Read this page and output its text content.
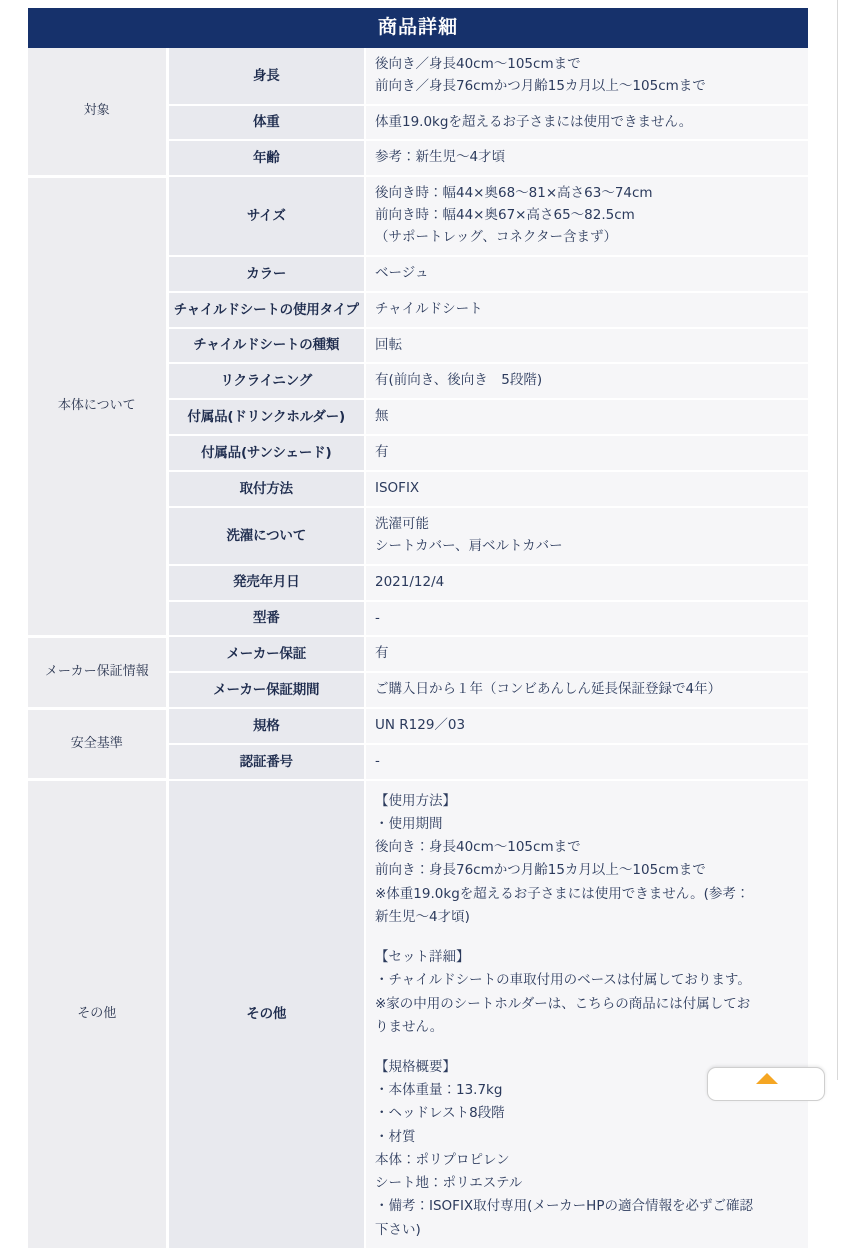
商品詳細
対象	身長	後向き／身長40cm〜105cmまで
前向き／身長76cmかつ月齢15カ月以上〜105cmまで

	体重	体重19.0kgを超えるお子さまには使用できません。

	年齢	参考：新生児〜4才頃

本体について	サイズ	後向き時：幅44×奥68〜81×高さ63〜74cm
前向き時：幅44×奥67×高さ65〜82.5cm
（サポートレッグ、コネクター含まず）

	カラー	ベージュ

	チャイルドシートの使用タイプ	チャイルドシート

	チャイルドシートの種類	回転

	リクライニング	有(前向き、後向き　5段階)

	付属品(ドリンクホルダー)	無

	付属品(サンシェード)	有

	取付方法	ISOFIX

	洗濯について	洗濯可能
シートカバー、肩ベルトカバー

	発売年月日	2021/12/4

	型番	-

メーカー保証情報	メーカー保証	有

	メーカー保証期間	ご購入日から１年（コンビあんしん延長保証登録で4年）

安全基準	規格	UN R129／03

	認証番号	-

その他	その他	
【使用方法】
・使用期間
後向き：身長40cm〜105cmまで
前向き：身長76cmかつ月齢15カ月以上〜105cmまで
※体重19.0kgを超えるお子さまには使用できません。(参考：
新生児〜4才頃)
【セット詳細】
・チャイルドシートの車取付用のベースは付属しております。
※家の中用のシートホルダーは、こちらの商品には付属してお
りません。
【規格概要】
・本体重量：13.7kg
・ヘッドレスト8段階
・材質
本体：ポリプロピレン
シート地：ポリエステル
・備考：ISOFIX取付専用(メーカーHPの適合情報を必ずご確認
下さい)
